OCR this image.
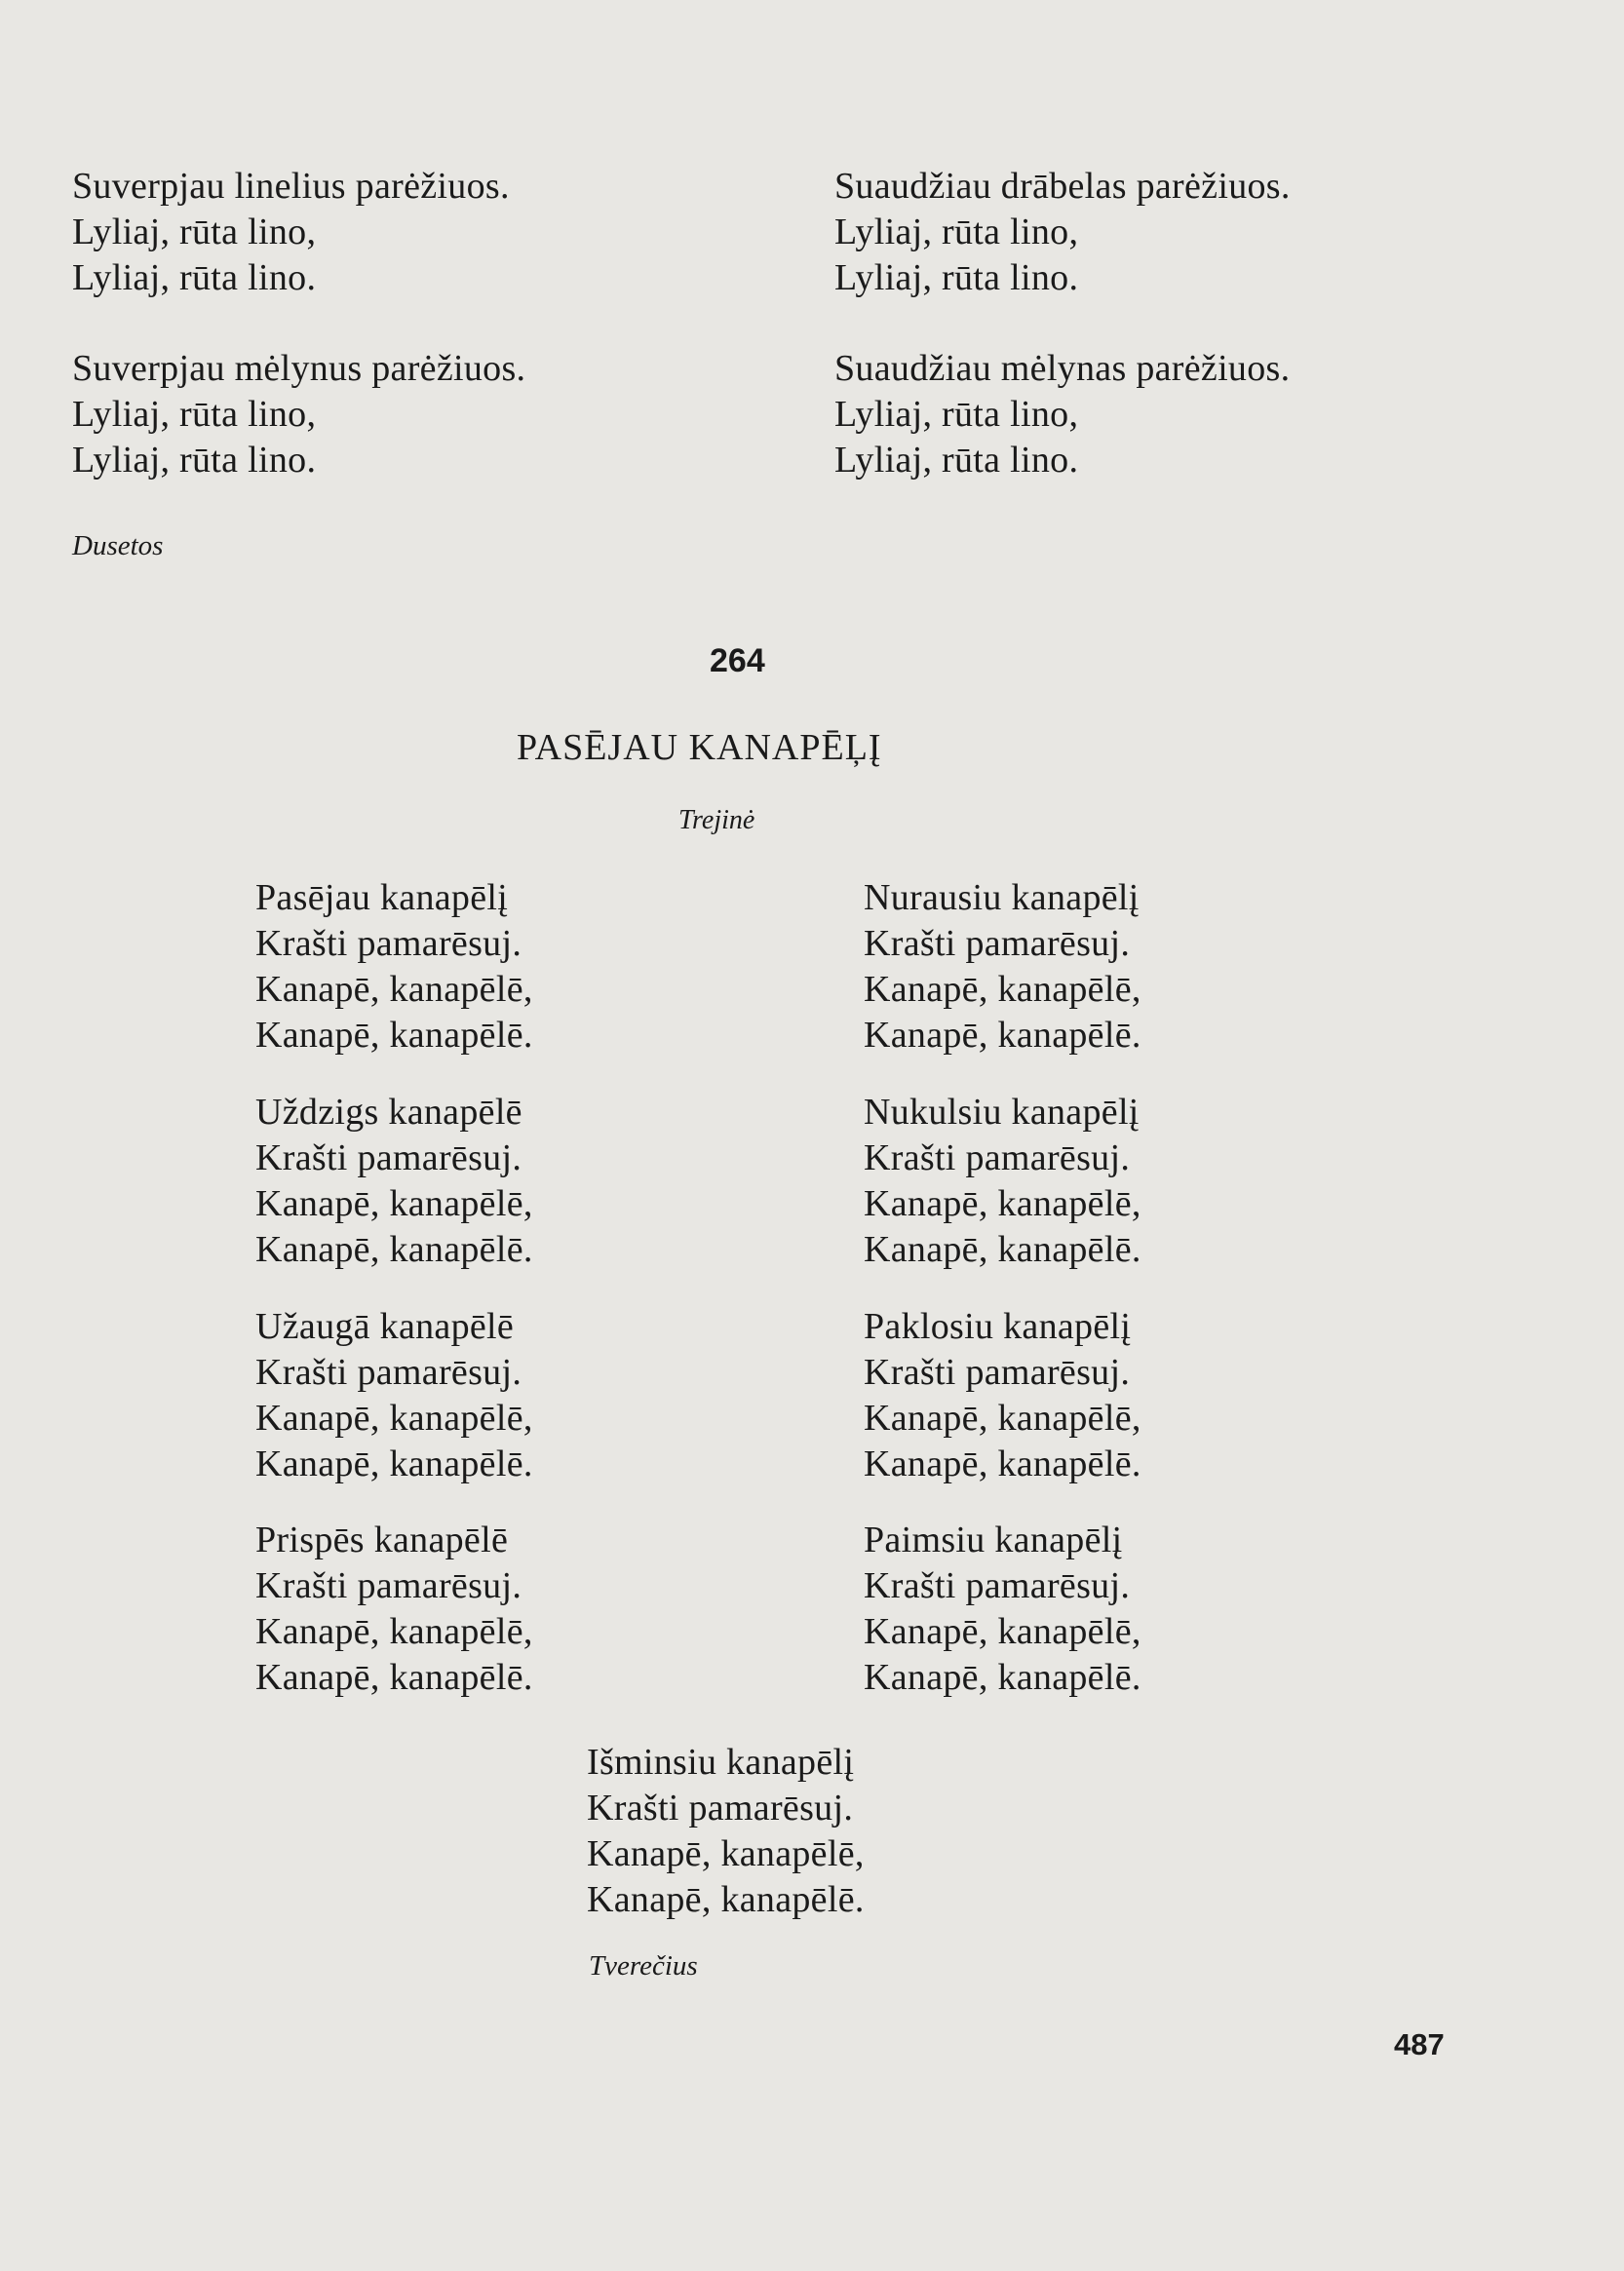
Suverpjau linelius parėžiuos.
Lyliaj, rūta lino,
Lyliaj, rūta lino.
Suverpjau mėlynus parėžiuos.
Lyliaj, rūta lino,
Lyliaj, rūta lino.
Suaudžiau drābelas parėžiuos.
Lyliaj, rūta lino,
Lyliaj, rūta lino.
Suaudžiau mėlynas parėžiuos.
Lyliaj, rūta lino,
Lyliaj, rūta lino.
Dusetos
264
PASĒJAU KANAPĒĻĮ
Trejinė
Pasējau kanapēlį
Krašti pamarēsuj.
Kanapē, kanapēlē,
Kanapē, kanapēlē.
Uždzigs kanapēlē
Krašti pamarēsuj.
Kanapē, kanapēlē,
Kanapē, kanapēlē.
Užaugā kanapēlē
Krašti pamarēsuj.
Kanapē, kanapēlē,
Kanapē, kanapēlē.
Prispēs kanapēlē
Krašti pamarēsuj.
Kanapē, kanapēlē,
Kanapē, kanapēlē.
Nurausiu kanapēlį
Krašti pamarēsuj.
Kanapē, kanapēlē,
Kanapē, kanapēlē.
Nukulsiu kanapēlį
Krašti pamarēsuj.
Kanapē, kanapēlē,
Kanapē, kanapēlē.
Paklosiu kanapēlį
Krašti pamarēsuj.
Kanapē, kanapēlē,
Kanapē, kanapēlē.
Paimsiu kanapēlį
Krašti pamarēsuj.
Kanapē, kanapēlē,
Kanapē, kanapēlē.
Išminsiu kanapēlį
Krašti pamarēsuj.
Kanapē, kanapēlē,
Kanapē, kanapēlē.
Tverečius
487
